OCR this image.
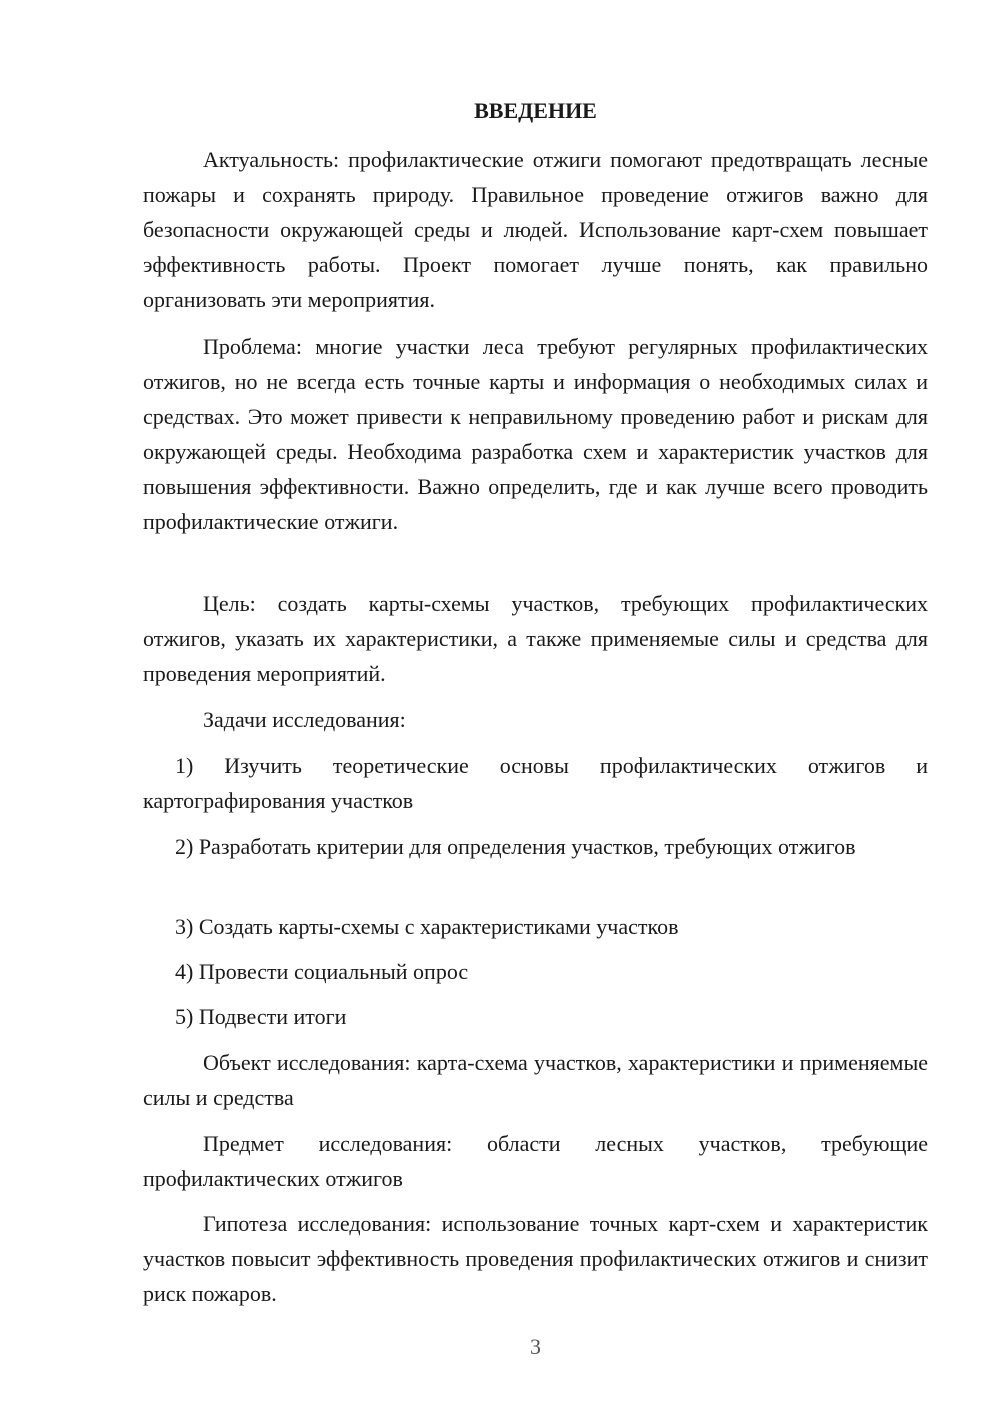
ВВЕДЕНИЕ

Актуальность: профилактические отжиги помогают предотвращать лесные пожары и сохранять природу. Правильное проведение отжигов важно для безопасности окружающей среды и людей. Использование карт-схем повышает эффективность работы. Проект помогает лучше понять, как правильно организовать эти мероприятия.

Проблема: многие участки леса требуют регулярных профилактических отжигов, но не всегда есть точные карты и информация о необходимых силах и средствах. Это может привести к неправильному проведению работ и рискам для окружающей среды. Необходима разработка схем и характеристик участков для повышения эффективности. Важно определить, где и как лучше всего проводить профилактические отжиги.

Цель: создать карты-схемы участков, требующих профилактических отжигов, указать их характеристики, а также применяемые силы и средства для проведения мероприятий.

Задачи исследования:

1) Изучить теоретические основы профилактических отжигов и картографирования участков

2) Разработать критерии для определения участков, требующих отжигов

3) Создать карты-схемы с характеристиками участков

4) Провести социальный опрос

5) Подвести итоги

Объект исследования: карта-схема участков, характеристики и применяемые силы и средства

Предмет исследования: области лесных участков, требующие профилактических отжигов

Гипотеза исследования: использование точных карт-схем и характеристик участков повысит эффективность проведения профилактических отжигов и снизит риск пожаров.

3
